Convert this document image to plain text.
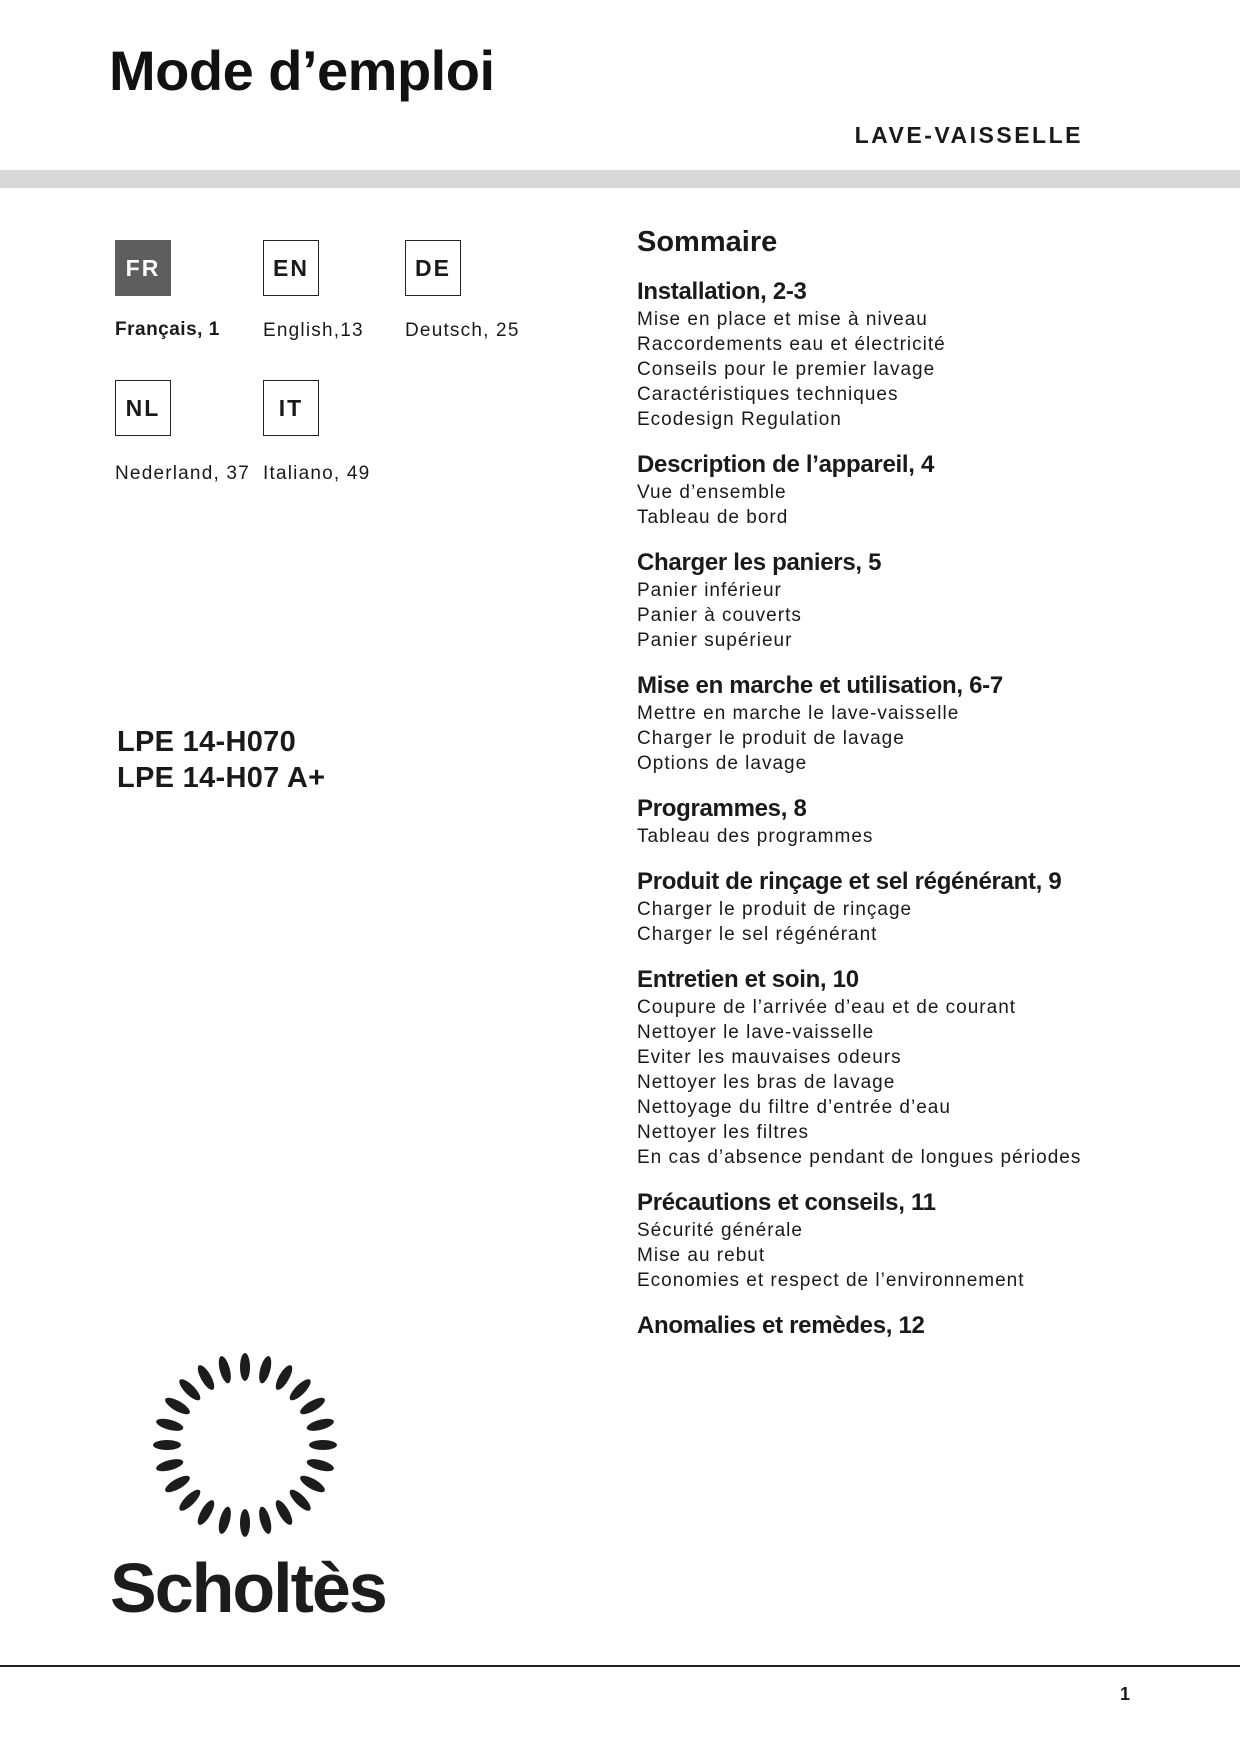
Mode d’emploi
LAVE-VAISSELLE
FR	EN	DE
Français, 1 English,13 Deutsch, 25
NL	IT
Nederland, 37 Italiano, 49
LPE 14-H070
LPE 14-H07 A+
Sommaire
Installation, 2-3
Mise en place et mise à niveau
Raccordements eau et électricité
Conseils pour le premier lavage
Caractéristiques techniques
Ecodesign Regulation
Description de l’appareil, 4
Vue d’ensemble
Tableau de bord
Charger les paniers, 5
Panier inférieur
Panier à couverts
Panier supérieur
Mise en marche et utilisation, 6-7
Mettre en marche le lave-vaisselle
Charger le produit de lavage
Options de lavage
Programmes, 8
Tableau des programmes
Produit de rinçage et sel régénérant, 9
Charger le produit de rinçage
Charger le sel régénérant
Entretien et soin, 10
Coupure de l’arrivée d’eau et de courant
Nettoyer le lave-vaisselle
Eviter les mauvaises odeurs
Nettoyer les bras de lavage
Nettoyage du filtre d’entrée d’eau
Nettoyer les filtres
En cas d’absence pendant de longues périodes
Précautions et conseils, 11
Sécurité générale
Mise au rebut
Economies et respect de l’environnement
Anomalies et remèdes, 12
Scholtès
1
